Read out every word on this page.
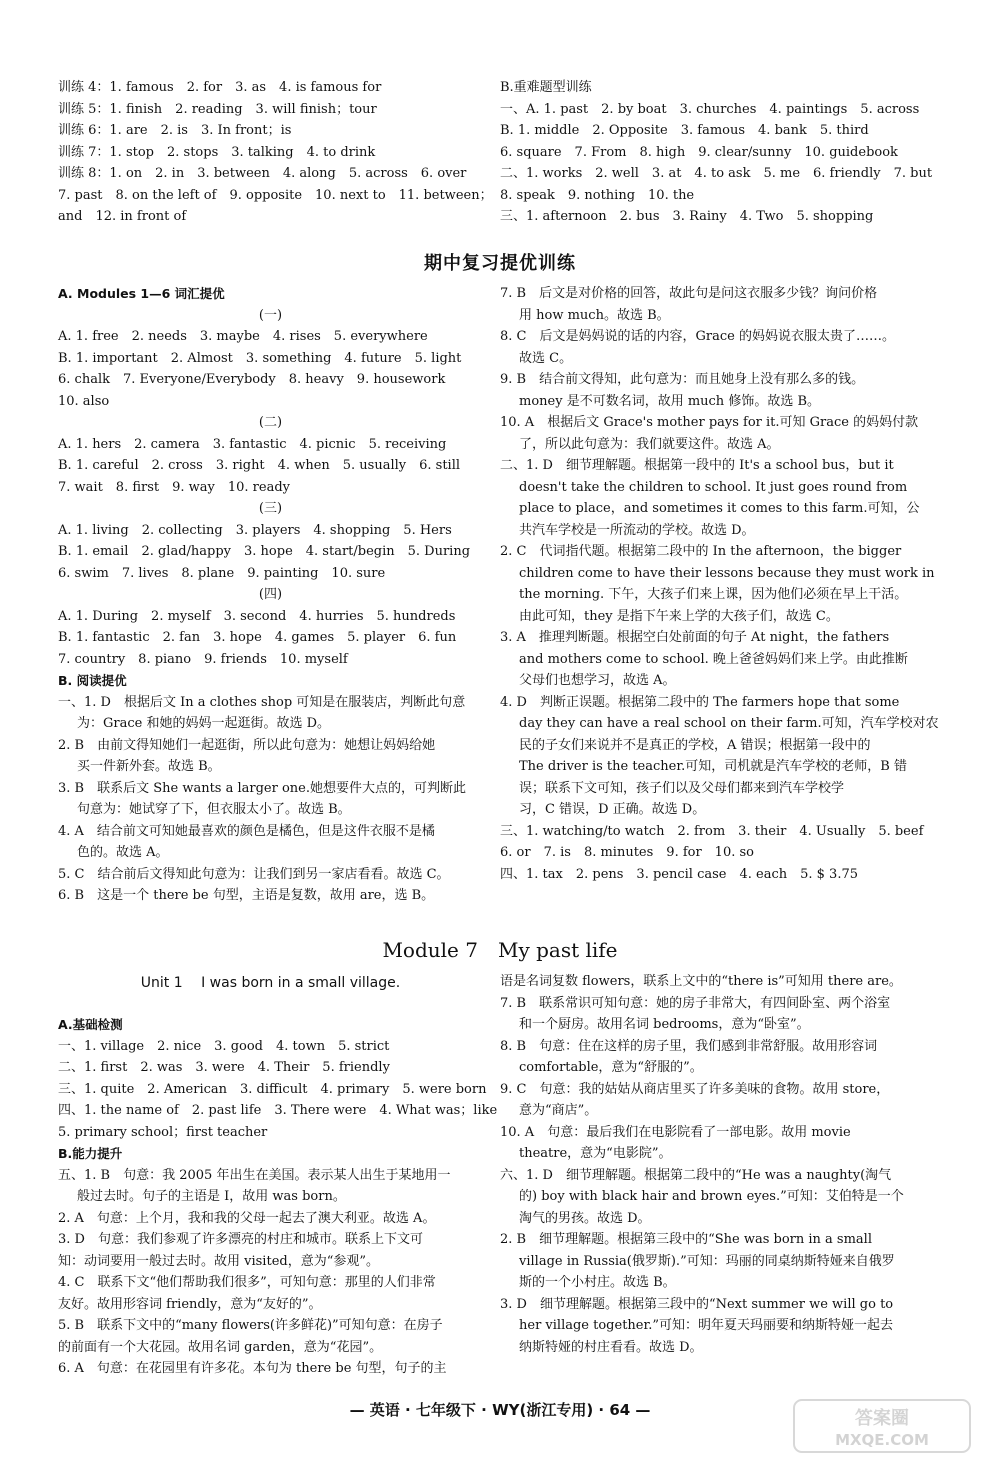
训练 4：1. famous　2. for　3. as　4. is famous for
训练 5：1. finish　2. reading　3. will finish；tour
训练 6：1. are　2. is　3. In front；is
训练 7：1. stop　2. stops　3. talking　4. to drink
训练 8：1. on　2. in　3. between　4. along　5. across　6. over
7. past　8. on the left of　9. opposite　10. next to　11. between；
and　12. in front of
B.重难题型训练
一、A. 1. past　2. by boat　3. churches　4. paintings　5. across
B. 1. middle　2. Opposite　3. famous　4. bank　5. third
6. square　7. From　8. high　9. clear/sunny　10. guidebook
二、1. works　2. well　3. at　4. to ask　5. me　6. friendly　7. but
8. speak　9. nothing　10. the
三、1. afternoon　2. bus　3. Rainy　4. Two　5. shopping
期中复习提优训练
A. Modules 1—6 词汇提优
(一)
A. 1. free　2. needs　3. maybe　4. rises　5. everywhere
B. 1. important　2. Almost　3. something　4. future　5. light
6. chalk　7. Everyone/Everybody　8. heavy　9. housework
10. also
(二)
A. 1. hers　2. camera　3. fantastic　4. picnic　5. receiving
B. 1. careful　2. cross　3. right　4. when　5. usually　6. still
7. wait　8. first　9. way　10. ready
(三)
A. 1. living　2. collecting　3. players　4. shopping　5. Hers
B. 1. email　2. glad/happy　3. hope　4. start/begin　5. During
6. swim　7. lives　8. plane　9. painting　10. sure
(四)
A. 1. During　2. myself　3. second　4. hurries　5. hundreds
B. 1. fantastic　2. fan　3. hope　4. games　5. player　6. fun
7. country　8. piano　9. friends　10. myself
B. 阅读提优
一、1. D　根据后文 In a clothes shop 可知是在服装店，判断此句意
为：Grace 和她的妈妈一起逛街。故选 D。
2. B　由前文得知她们一起逛街，所以此句意为：她想让妈妈给她
买一件新外套。故选 B。
3. B　联系后文 She wants a larger one.她想要件大点的，可判断此
句意为：她试穿了下，但衣服太小了。故选 B。
4. A　结合前文可知她最喜欢的颜色是橘色，但是这件衣服不是橘
色的。故选 A。
5. C　结合前后文得知此句意为：让我们到另一家店看看。故选 C。
6. B　这是一个 there be 句型，主语是复数，故用 are，选 B。
7. B　后文是对价格的回答，故此句是问这衣服多少钱？询问价格
用 how much。故选 B。
8. C　后文是妈妈说的话的内容，Grace 的妈妈说衣服太贵了……。
故选 C。
9. B　结合前文得知，此句意为：而且她身上没有那么多的钱。
money 是不可数名词，故用 much 修饰。故选 B。
10. A　根据后文 Grace's mother pays for it.可知 Grace 的妈妈付款
了，所以此句意为：我们就要这件。故选 A。
二、1. D　细节理解题。根据第一段中的 It's a school bus，but it
doesn't take the children to school. It just goes round from
place to place，and sometimes it comes to this farm.可知，公
共汽车学校是一所流动的学校。故选 D。
2. C　代词指代题。根据第二段中的 In the afternoon，the bigger
children come to have their lessons because they must work in
the morning. 下午，大孩子们来上课，因为他们必须在早上干活。
由此可知，they 是指下午来上学的大孩子们，故选 C。
3. A　推理判断题。根据空白处前面的句子 At night，the fathers
and mothers come to school. 晚上爸爸妈妈们来上学。由此推断
父母们也想学习，故选 A。
4. D　判断正误题。根据第二段中的 The farmers hope that some
day they can have a real school on their farm.可知，汽车学校对农
民的子女们来说并不是真正的学校，A 错误；根据第一段中的
The driver is the teacher.可知，司机就是汽车学校的老师，B 错
误；联系下文可知，孩子们以及父母们都来到汽车学校学
习，C 错误，D 正确。故选 D。
三、1. watching/to watch　2. from　3. their　4. Usually　5. beef
6. or　7. is　8. minutes　9. for　10. so
四、1. tax　2. pens　3. pencil case　4. each　5. $ 3.75
Module 7　My past life
Unit 1　 I was born in a small village.
A.基础检测
一、1. village　2. nice　3. good　4. town　5. strict
二、1. first　2. was　3. were　4. Their　5. friendly
三、1. quite　2. American　3. difficult　4. primary　5. were born
四、1. the name of　2. past life　3. There were　4. What was；like
5. primary school；first teacher
B.能力提升
五、1. B　句意：我 2005 年出生在美国。表示某人出生于某地用一
般过去时。句子的主语是 I，故用 was born。
2. A　句意：上个月，我和我的父母一起去了澳大利亚。故选 A。
3. D　句意：我们参观了许多漂亮的村庄和城市。联系上下文可
知：动词要用一般过去时。故用 visited，意为“参观”。
4. C　联系下文“他们帮助我们很多”，可知句意：那里的人们非常
友好。故用形容词 friendly，意为“友好的”。
5. B　联系下文中的“many flowers(许多鲜花)”可知句意：在房子
的前面有一个大花园。故用名词 garden，意为“花园”。
6. A　句意：在花园里有许多花。本句为 there be 句型，句子的主
语是名词复数 flowers，联系上文中的“there is”可知用 there are。
7. B　联系常识可知句意：她的房子非常大，有四间卧室、两个浴室
和一个厨房。故用名词 bedrooms，意为“卧室”。
8. B　句意：住在这样的房子里，我们感到非常舒服。故用形容词
comfortable，意为“舒服的”。
9. C　句意：我的姑姑从商店里买了许多美味的食物。故用 store，
意为“商店”。
10. A　句意：最后我们在电影院看了一部电影。故用 movie
theatre，意为“电影院”。
六、1. D　细节理解题。根据第二段中的“He was a naughty(淘气
的) boy with black hair and brown eyes.”可知：艾伯特是一个
淘气的男孩。故选 D。
2. B　细节理解题。根据第三段中的“She was born in a small
village in Russia(俄罗斯).”可知：玛丽的同桌纳斯特娅来自俄罗
斯的一个小村庄。故选 B。
3. D　细节理解题。根据第三段中的“Next summer we will go to
her village together.”可知：明年夏天玛丽要和纳斯特娅一起去
纳斯特娅的村庄看看。故选 D。
— 英语 · 七年级下 · WY(浙江专用) · 64 —	答案圈
MXQE.COM
